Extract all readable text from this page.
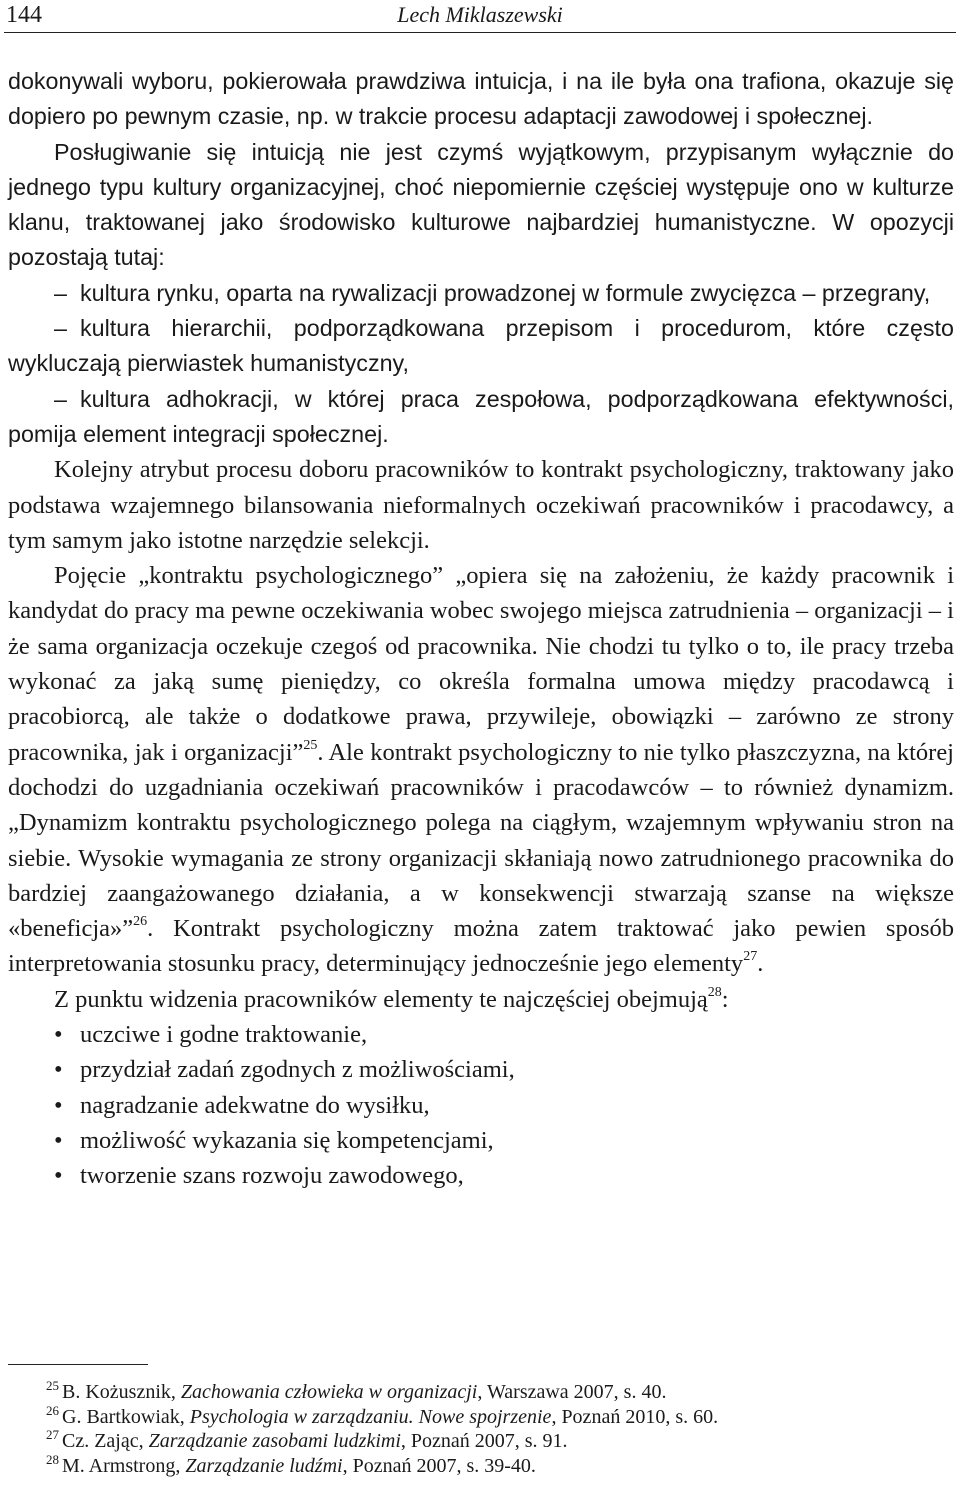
144	Lech Miklaszewski

dokonywali wyboru, pokierowała prawdziwa intuicja, i na ile była ona trafiona, okazuje się dopiero po pewnym czasie, np. w trakcie procesu adaptacji zawodowej i społecznej.

Posługiwanie się intuicją nie jest czymś wyjątkowym, przypisanym wyłącznie do jednego typu kultury organizacyjnej, choć niepomiernie częściej występuje ono w kulturze klanu, traktowanej jako środowisko kulturowe najbardziej humanistyczne. W opozycji pozostają tutaj:

– kultura rynku, oparta na rywalizacji prowadzonej w formule zwycięzca – przegrany,

– kultura hierarchii, podporządkowana przepisom i procedurom, które często wykluczają pierwiastek humanistyczny,

– kultura adhokracji, w której praca zespołowa, podporządkowana efektywności, pomija element integracji społecznej.

Kolejny atrybut procesu doboru pracowników to kontrakt psychologiczny, traktowany jako podstawa wzajemnego bilansowania nieformalnych oczekiwań pracowników i pracodawcy, a tym samym jako istotne narzędzie selekcji.

Pojęcie „kontraktu psychologicznego” „opiera się na założeniu, że każdy pracownik i kandydat do pracy ma pewne oczekiwania wobec swojego miejsca zatrudnienia – organizacji – i że sama organizacja oczekuje czegoś od pracownika. Nie chodzi tu tylko o to, ile pracy trzeba wykonać za jaką sumę pieniędzy, co określa formalna umowa między pracodawcą i pracobiorcą, ale także o dodatkowe prawa, przywileje, obowiązki – zarówno ze strony pracownika, jak i organizacji”$^{25}$. Ale kontrakt psychologiczny to nie tylko płaszczyzna, na której dochodzi do uzgadniania oczekiwań pracowników i pracodawców – to również dynamizm. „Dynamizm kontraktu psychologicznego polega na ciągłym, wzajemnym wpływaniu stron na siebie. Wysokie wymagania ze strony organizacji skłaniają nowo zatrudnionego pracownika do bardziej zaangażowanego działania, a w konsekwencji stwarzają szanse na większe «beneficja»”$^{26}$. Kontrakt psychologiczny można zatem traktować jako pewien sposób interpretowania stosunku pracy, determinujący jednocześnie jego elementy$^{27}$.

Z punktu widzenia pracowników elementy te najczęściej obejmują$^{28}$:

• uczciwe i godne traktowanie,
• przydział zadań zgodnych z możliwościami,
• nagradzanie adekwatne do wysiłku,
• możliwość wykazania się kompetencjami,
• tworzenie szans rozwoju zawodowego,
$^{25}$ B. Kożusznik, Zachowania człowieka w organizacji, Warszawa 2007, s. 40.
$^{26}$ G. Bartkowiak, Psychologia w zarządzaniu. Nowe spojrzenie, Poznań 2010, s. 60.
$^{27}$ Cz. Zając, Zarządzanie zasobami ludzkimi, Poznań 2007, s. 91.
$^{28}$ M. Armstrong, Zarządzanie ludźmi, Poznań 2007, s. 39-40.
